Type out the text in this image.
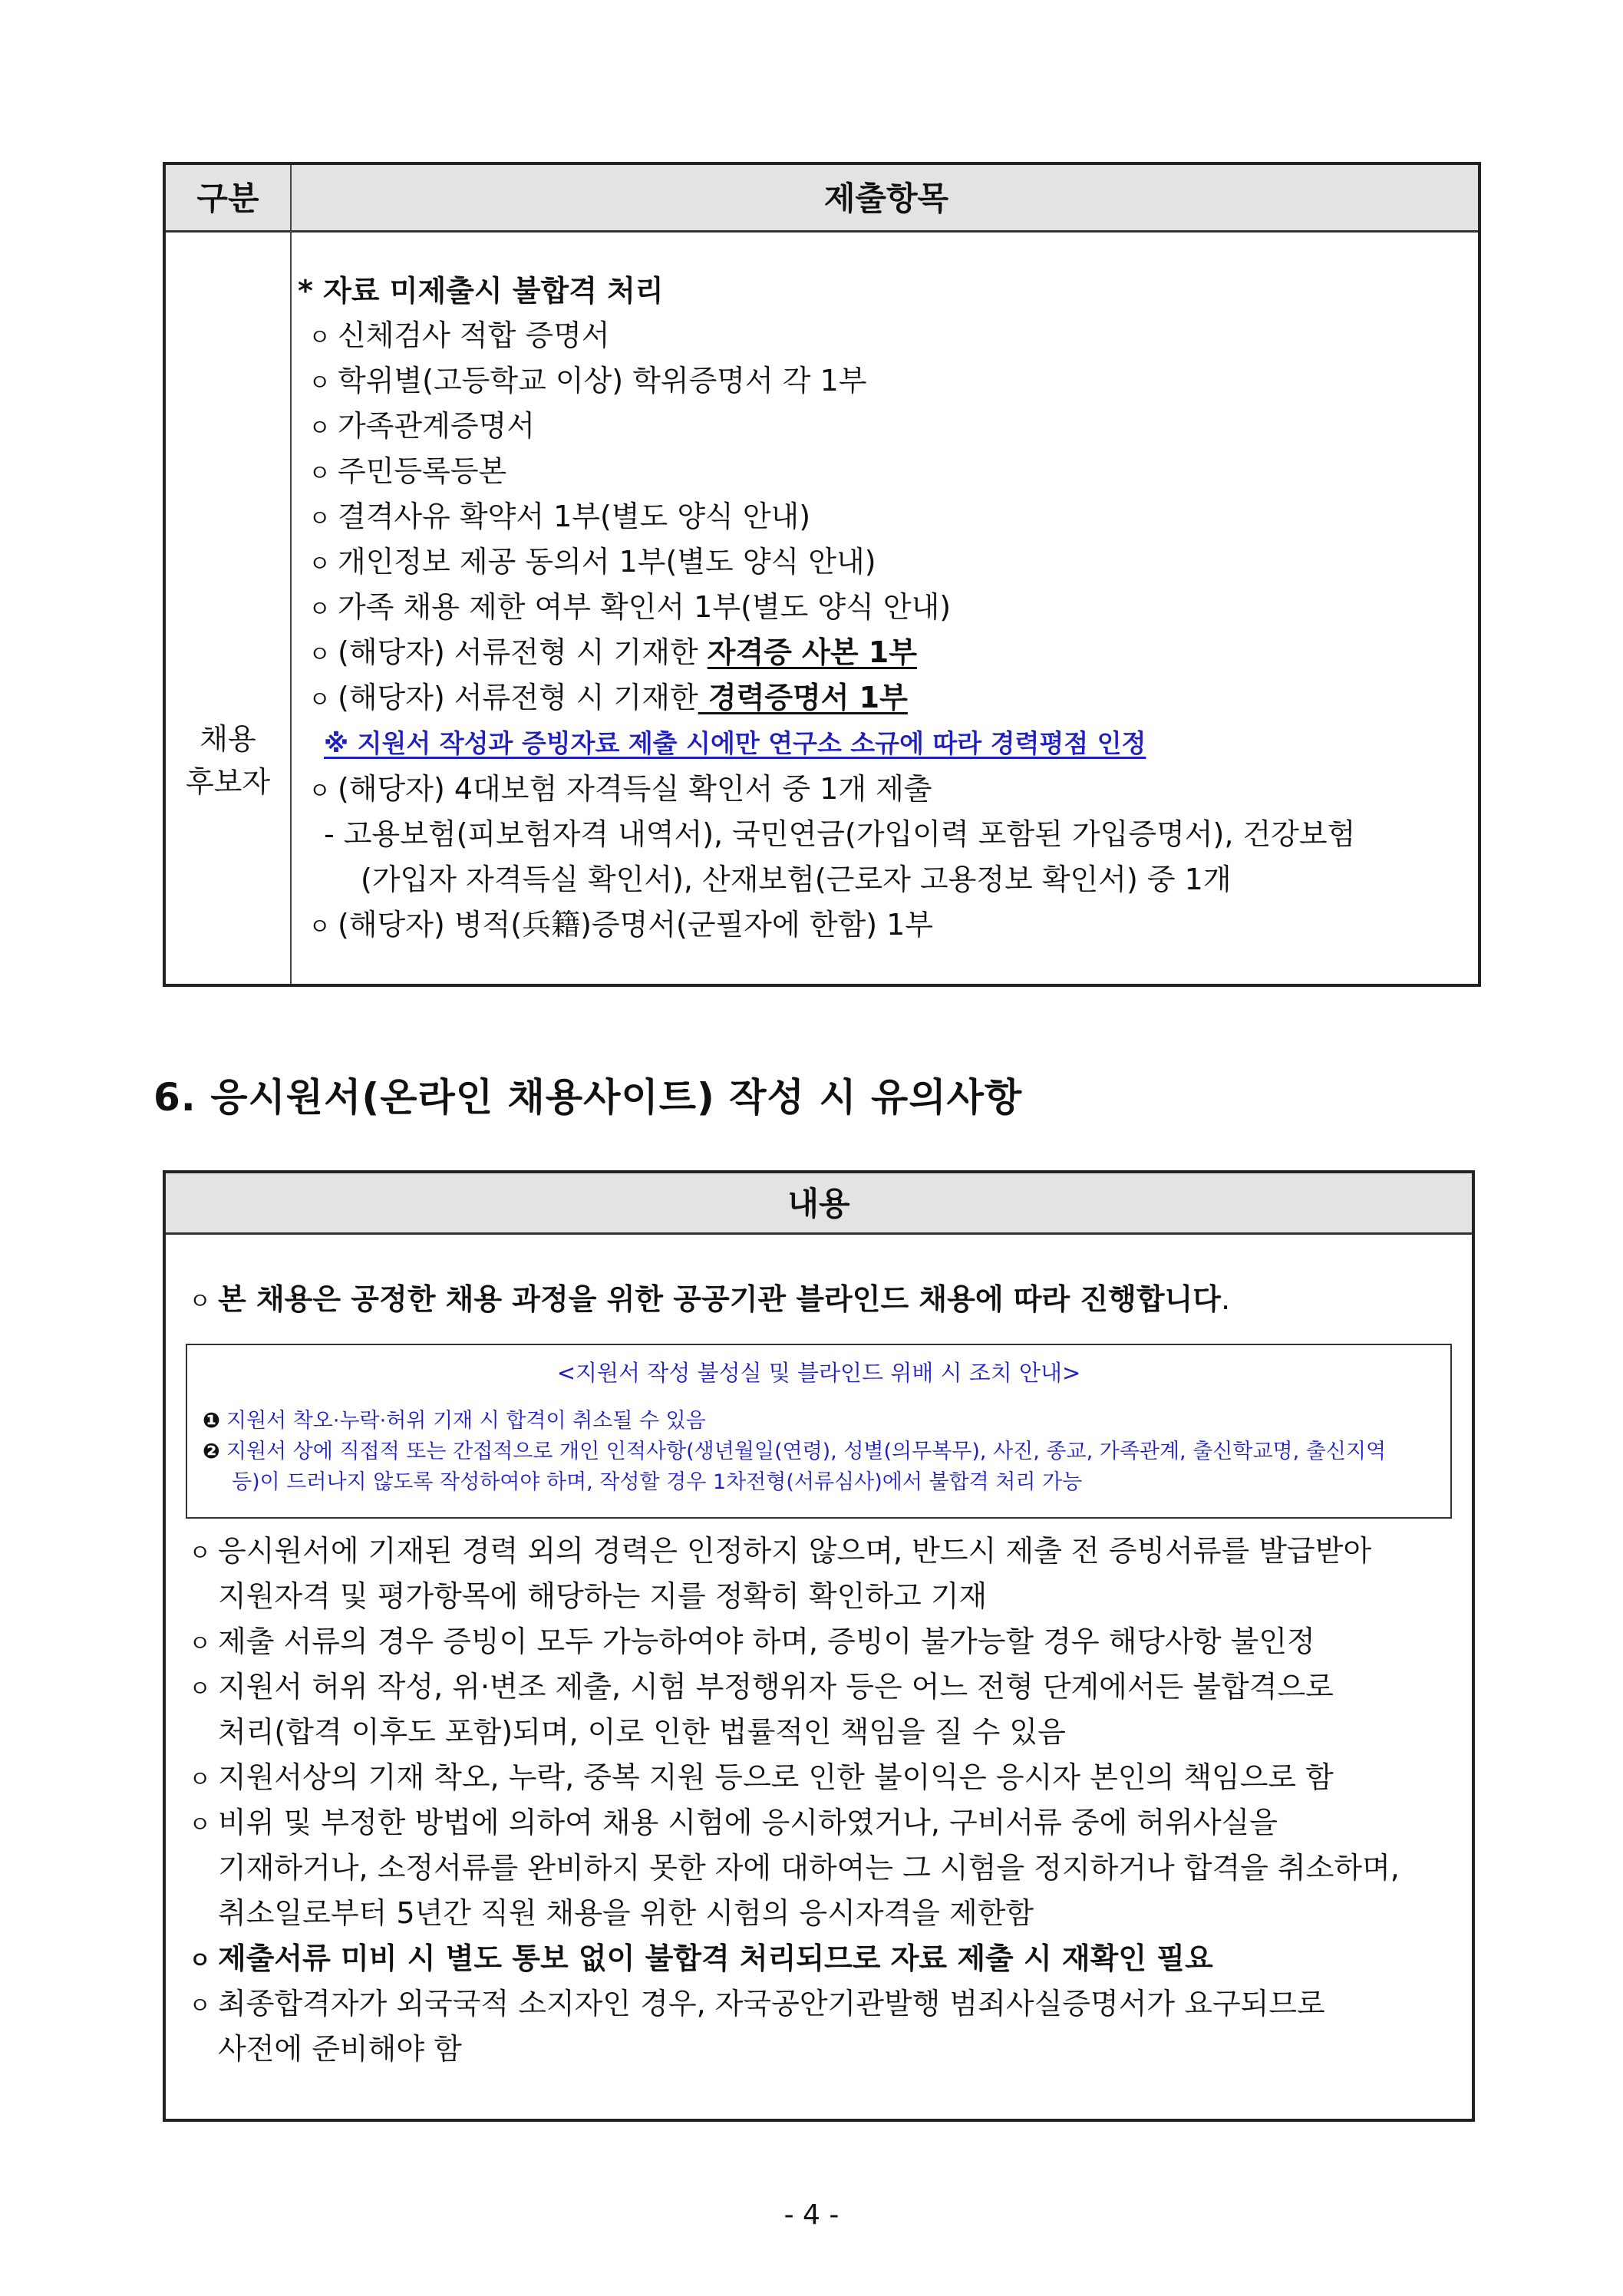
구분	제출항목
채용
후보자
* 자료 미제출시 불합격 처리
ㅇ 신체검사 적합 증명서
ㅇ 학위별(고등학교 이상) 학위증명서 각 1부
ㅇ 가족관계증명서
ㅇ 주민등록등본
ㅇ 결격사유 확약서 1부(별도 양식 안내)
ㅇ 개인정보 제공 동의서 1부(별도 양식 안내)
ㅇ 가족 채용 제한 여부 확인서 1부(별도 양식 안내)
ㅇ (해당자) 서류전형 시 기재한 자격증 사본 1부
ㅇ (해당자) 서류전형 시 기재한 경력증명서 1부
※ 지원서 작성과 증빙자료 제출 시에만 연구소 소규에 따라 경력평점 인정
ㅇ (해당자) 4대보험 자격득실 확인서 중 1개 제출
- 고용보험(피보험자격 내역서), 국민연금(가입이력 포함된 가입증명서), 건강보험
(가입자 자격득실 확인서), 산재보험(근로자 고용정보 확인서) 중 1개
ㅇ (해당자) 병적(兵籍)증명서(군필자에 한함) 1부
6. 응시원서(온라인 채용사이트) 작성 시 유의사항
내용
ㅇ 본 채용은 공정한 채용 과정을 위한 공공기관 블라인드 채용에 따라 진행합니다.
<지원서 작성 불성실 및 블라인드 위배 시 조치 안내>
❶ 지원서 착오·누락·허위 기재 시 합격이 취소될 수 있음
❷ 지원서 상에 직접적 또는 간접적으로 개인 인적사항(생년월일(연령), 성별(의무복무), 사진, 종교, 가족관계, 출신학교명, 출신지역
등)이 드러나지 않도록 작성하여야 하며, 작성할 경우 1차전형(서류심사)에서 불합격 처리 가능
ㅇ 응시원서에 기재된 경력 외의 경력은 인정하지 않으며, 반드시 제출 전 증빙서류를 발급받아
지원자격 및 평가항목에 해당하는 지를 정확히 확인하고 기재
ㅇ 제출 서류의 경우 증빙이 모두 가능하여야 하며, 증빙이 불가능할 경우 해당사항 불인정
ㅇ 지원서 허위 작성, 위·변조 제출, 시험 부정행위자 등은 어느 전형 단계에서든 불합격으로
처리(합격 이후도 포함)되며, 이로 인한 법률적인 책임을 질 수 있음
ㅇ 지원서상의 기재 착오, 누락, 중복 지원 등으로 인한 불이익은 응시자 본인의 책임으로 함
ㅇ 비위 및 부정한 방법에 의하여 채용 시험에 응시하였거나, 구비서류 중에 허위사실을
기재하거나, 소정서류를 완비하지 못한 자에 대하여는 그 시험을 정지하거나 합격을 취소하며,
취소일로부터 5년간 직원 채용을 위한 시험의 응시자격을 제한함
ㅇ 제출서류 미비 시 별도 통보 없이 불합격 처리되므로 자료 제출 시 재확인 필요
ㅇ 최종합격자가 외국국적 소지자인 경우, 자국공안기관발행 범죄사실증명서가 요구되므로
사전에 준비해야 함
- 4 -
